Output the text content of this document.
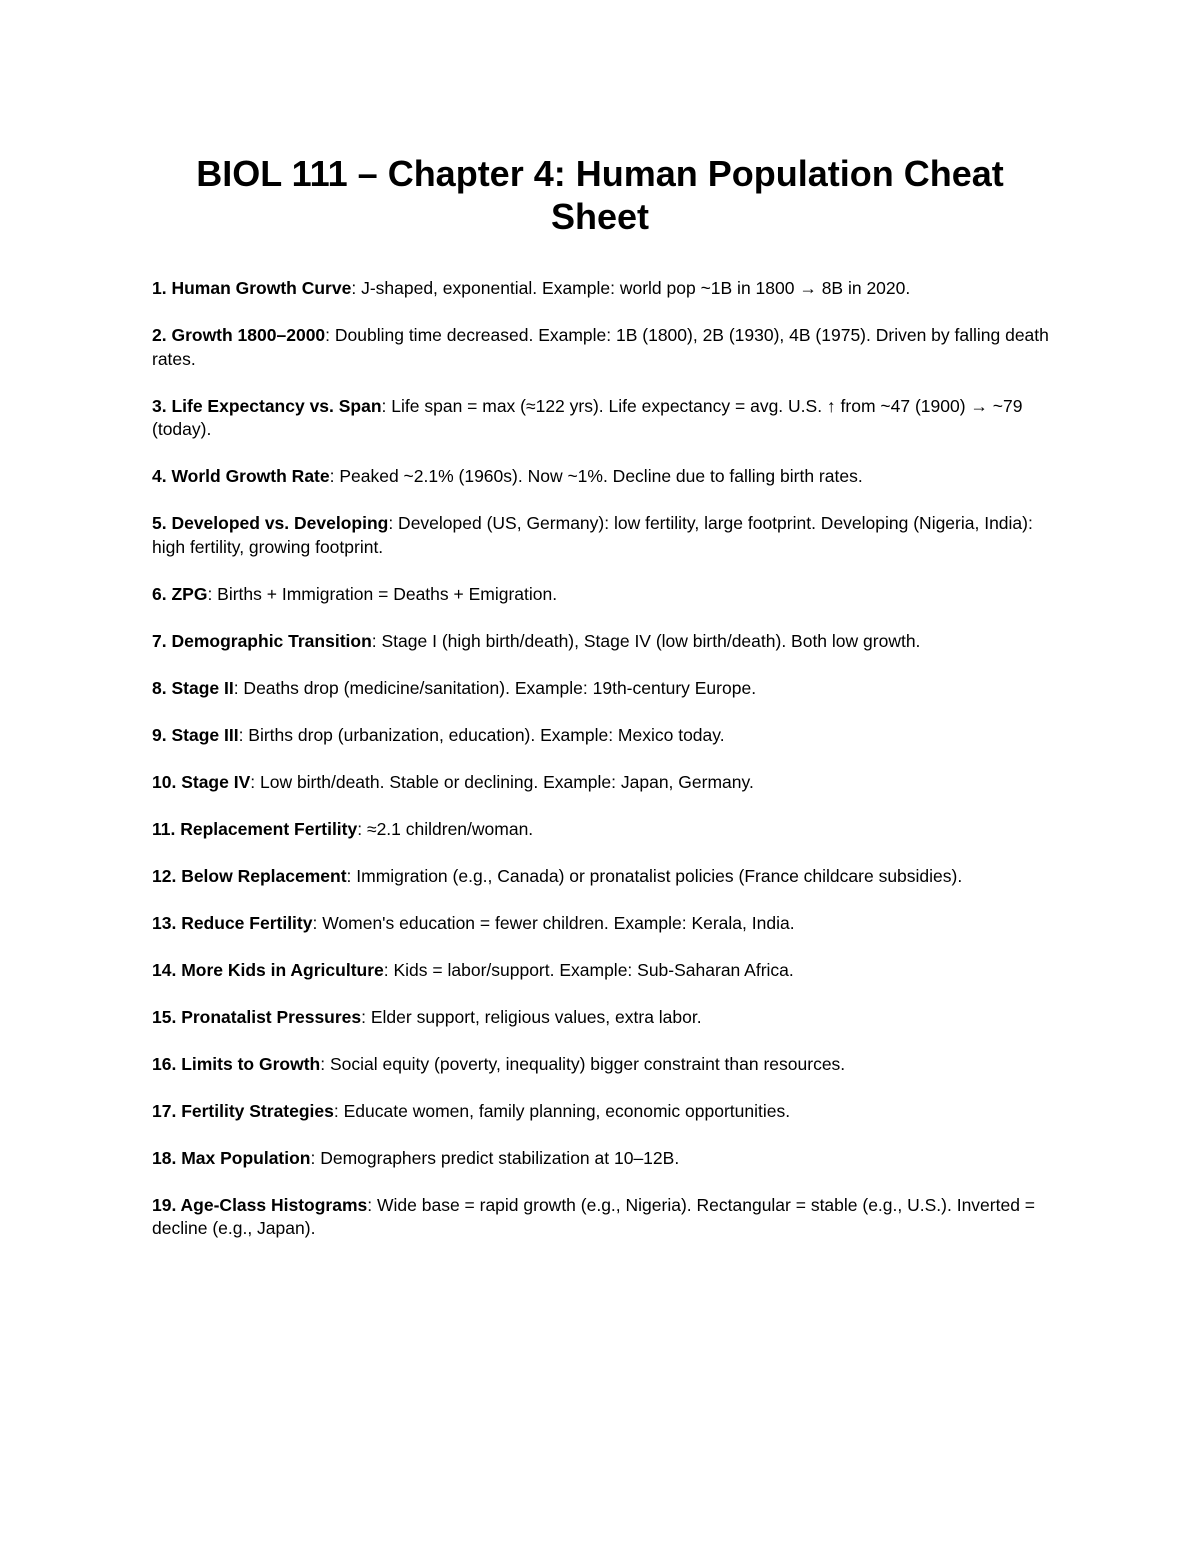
BIOL 111 – Chapter 4: Human Population Cheat Sheet
1. Human Growth Curve: J-shaped, exponential. Example: world pop ~1B in 1800 → 8B in 2020.
2. Growth 1800–2000: Doubling time decreased. Example: 1B (1800), 2B (1930), 4B (1975). Driven by falling death rates.
3. Life Expectancy vs. Span: Life span = max (≈122 yrs). Life expectancy = avg. U.S. ↑ from ~47 (1900) → ~79 (today).
4. World Growth Rate: Peaked ~2.1% (1960s). Now ~1%. Decline due to falling birth rates.
5. Developed vs. Developing: Developed (US, Germany): low fertility, large footprint. Developing (Nigeria, India): high fertility, growing footprint.
6. ZPG: Births + Immigration = Deaths + Emigration.
7. Demographic Transition: Stage I (high birth/death), Stage IV (low birth/death). Both low growth.
8. Stage II: Deaths drop (medicine/sanitation). Example: 19th-century Europe.
9. Stage III: Births drop (urbanization, education). Example: Mexico today.
10. Stage IV: Low birth/death. Stable or declining. Example: Japan, Germany.
11. Replacement Fertility: ≈2.1 children/woman.
12. Below Replacement: Immigration (e.g., Canada) or pronatalist policies (France childcare subsidies).
13. Reduce Fertility: Women's education = fewer children. Example: Kerala, India.
14. More Kids in Agriculture: Kids = labor/support. Example: Sub-Saharan Africa.
15. Pronatalist Pressures: Elder support, religious values, extra labor.
16. Limits to Growth: Social equity (poverty, inequality) bigger constraint than resources.
17. Fertility Strategies: Educate women, family planning, economic opportunities.
18. Max Population: Demographers predict stabilization at 10–12B.
19. Age-Class Histograms: Wide base = rapid growth (e.g., Nigeria). Rectangular = stable (e.g., U.S.). Inverted = decline (e.g., Japan).
